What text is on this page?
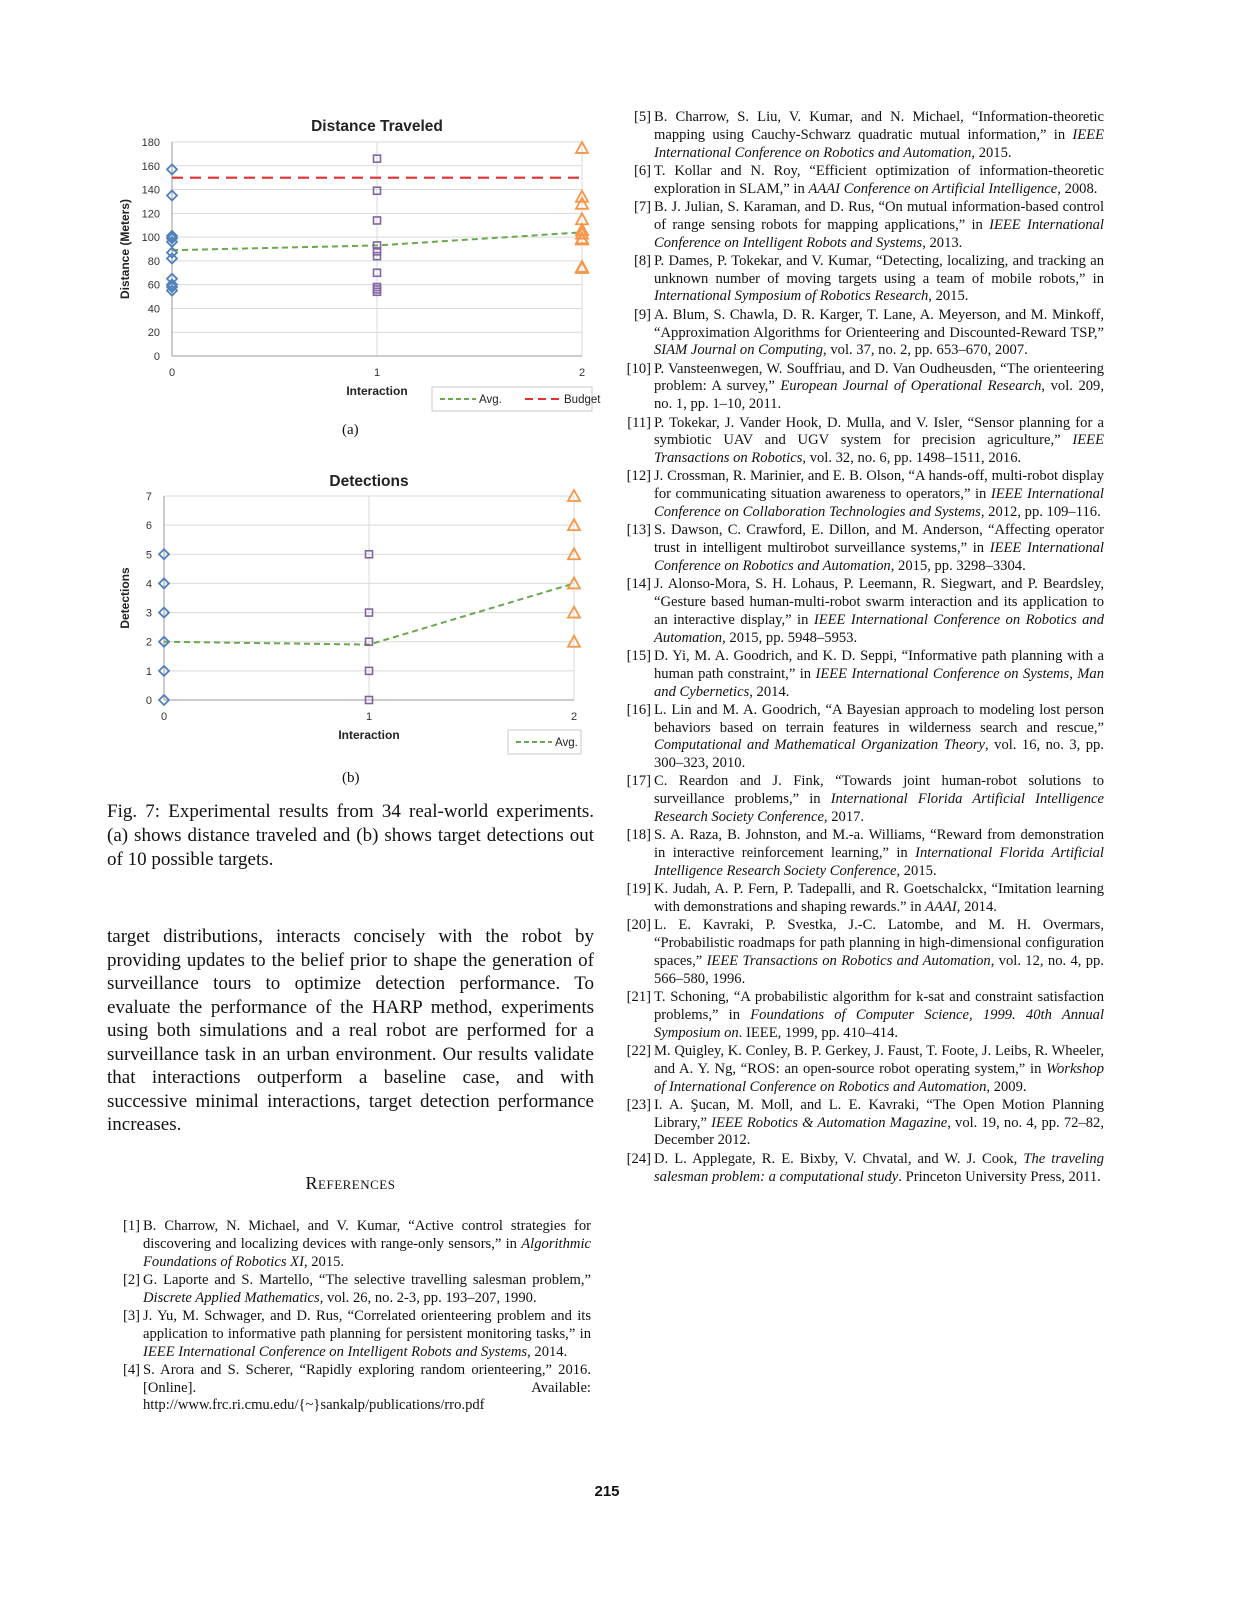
Distance Traveled
0
20
40
60
80
100
120
140
160
180
0	1	2
Interaction
Distance (Meters)
Avg.	Budget
(a)
Detections
0
1
2
3
4
5
6
7
0	1	2
Interaction
Detections
Avg.
(b)
Fig. 7: Experimental results from 34 real-world experiments. (a) shows distance traveled and (b) shows target detections out of 10 possible targets.
target distributions, interacts concisely with the robot by providing updates to the belief prior to shape the generation of surveillance tours to optimize detection performance. To evaluate the performance of the HARP method, experiments using both simulations and a real robot are performed for a surveillance task in an urban environment. Our results validate that interactions outperform a baseline case, and with successive minimal interactions, target detection performance increases.
References
[1] B. Charrow, N. Michael, and V. Kumar, “Active control strategies for discovering and localizing devices with range-only sensors,” in Algorithmic Foundations of Robotics XI, 2015.
[2] G. Laporte and S. Martello, “The selective travelling salesman problem,” Discrete Applied Mathematics, vol. 26, no. 2-3, pp. 193–207, 1990.
[3] J. Yu, M. Schwager, and D. Rus, “Correlated orienteering problem and its application to informative path planning for persistent monitoring tasks,” in IEEE International Conference on Intelligent Robots and Systems, 2014.
[4] S. Arora and S. Scherer, “Rapidly exploring random orienteering,” 2016. [Online]. Available: http://www.frc.ri.cmu.edu/{~}sankalp/publications/rro.pdf
[5] B. Charrow, S. Liu, V. Kumar, and N. Michael, “Information-theoretic mapping using Cauchy-Schwarz quadratic mutual information,” in IEEE International Conference on Robotics and Automation, 2015.
[6] T. Kollar and N. Roy, “Efficient optimization of information-theoretic exploration in SLAM,” in AAAI Conference on Artificial Intelligence, 2008.
[7] B. J. Julian, S. Karaman, and D. Rus, “On mutual information-based control of range sensing robots for mapping applications,” in IEEE International Conference on Intelligent Robots and Systems, 2013.
[8] P. Dames, P. Tokekar, and V. Kumar, “Detecting, localizing, and tracking an unknown number of moving targets using a team of mobile robots,” in International Symposium of Robotics Research, 2015.
[9] A. Blum, S. Chawla, D. R. Karger, T. Lane, A. Meyerson, and M. Minkoff, “Approximation Algorithms for Orienteering and Discounted-Reward TSP,” SIAM Journal on Computing, vol. 37, no. 2, pp. 653–670, 2007.
[10] P. Vansteenwegen, W. Souffriau, and D. Van Oudheusden, “The orienteering problem: A survey,” European Journal of Operational Research, vol. 209, no. 1, pp. 1–10, 2011.
[11] P. Tokekar, J. Vander Hook, D. Mulla, and V. Isler, “Sensor planning for a symbiotic UAV and UGV system for precision agriculture,” IEEE Transactions on Robotics, vol. 32, no. 6, pp. 1498–1511, 2016.
[12] J. Crossman, R. Marinier, and E. B. Olson, “A hands-off, multi-robot display for communicating situation awareness to operators,” in IEEE International Conference on Collaboration Technologies and Systems, 2012, pp. 109–116.
[13] S. Dawson, C. Crawford, E. Dillon, and M. Anderson, “Affecting operator trust in intelligent multirobot surveillance systems,” in IEEE International Conference on Robotics and Automation, 2015, pp. 3298–3304.
[14] J. Alonso-Mora, S. H. Lohaus, P. Leemann, R. Siegwart, and P. Beardsley, “Gesture based human-multi-robot swarm interaction and its application to an interactive display,” in IEEE International Conference on Robotics and Automation, 2015, pp. 5948–5953.
[15] D. Yi, M. A. Goodrich, and K. D. Seppi, “Informative path planning with a human path constraint,” in IEEE International Conference on Systems, Man and Cybernetics, 2014.
[16] L. Lin and M. A. Goodrich, “A Bayesian approach to modeling lost person behaviors based on terrain features in wilderness search and rescue,” Computational and Mathematical Organization Theory, vol. 16, no. 3, pp. 300–323, 2010.
[17] C. Reardon and J. Fink, “Towards joint human-robot solutions to surveillance problems,” in International Florida Artificial Intelligence Research Society Conference, 2017.
[18] S. A. Raza, B. Johnston, and M.-a. Williams, “Reward from demonstration in interactive reinforcement learning,” in International Florida Artificial Intelligence Research Society Conference, 2015.
[19] K. Judah, A. P. Fern, P. Tadepalli, and R. Goetschalckx, “Imitation learning with demonstrations and shaping rewards.” in AAAI, 2014.
[20] L. E. Kavraki, P. Svestka, J.-C. Latombe, and M. H. Overmars, “Probabilistic roadmaps for path planning in high-dimensional configuration spaces,” IEEE Transactions on Robotics and Automation, vol. 12, no. 4, pp. 566–580, 1996.
[21] T. Schoning, “A probabilistic algorithm for k-sat and constraint satisfaction problems,” in Foundations of Computer Science, 1999. 40th Annual Symposium on. IEEE, 1999, pp. 410–414.
[22] M. Quigley, K. Conley, B. P. Gerkey, J. Faust, T. Foote, J. Leibs, R. Wheeler, and A. Y. Ng, “ROS: an open-source robot operating system,” in Workshop of International Conference on Robotics and Automation, 2009.
[23] I. A. Şucan, M. Moll, and L. E. Kavraki, “The Open Motion Planning Library,” IEEE Robotics & Automation Magazine, vol. 19, no. 4, pp. 72–82, December 2012.
[24] D. L. Applegate, R. E. Bixby, V. Chvatal, and W. J. Cook, The traveling salesman problem: a computational study. Princeton University Press, 2011.
215
